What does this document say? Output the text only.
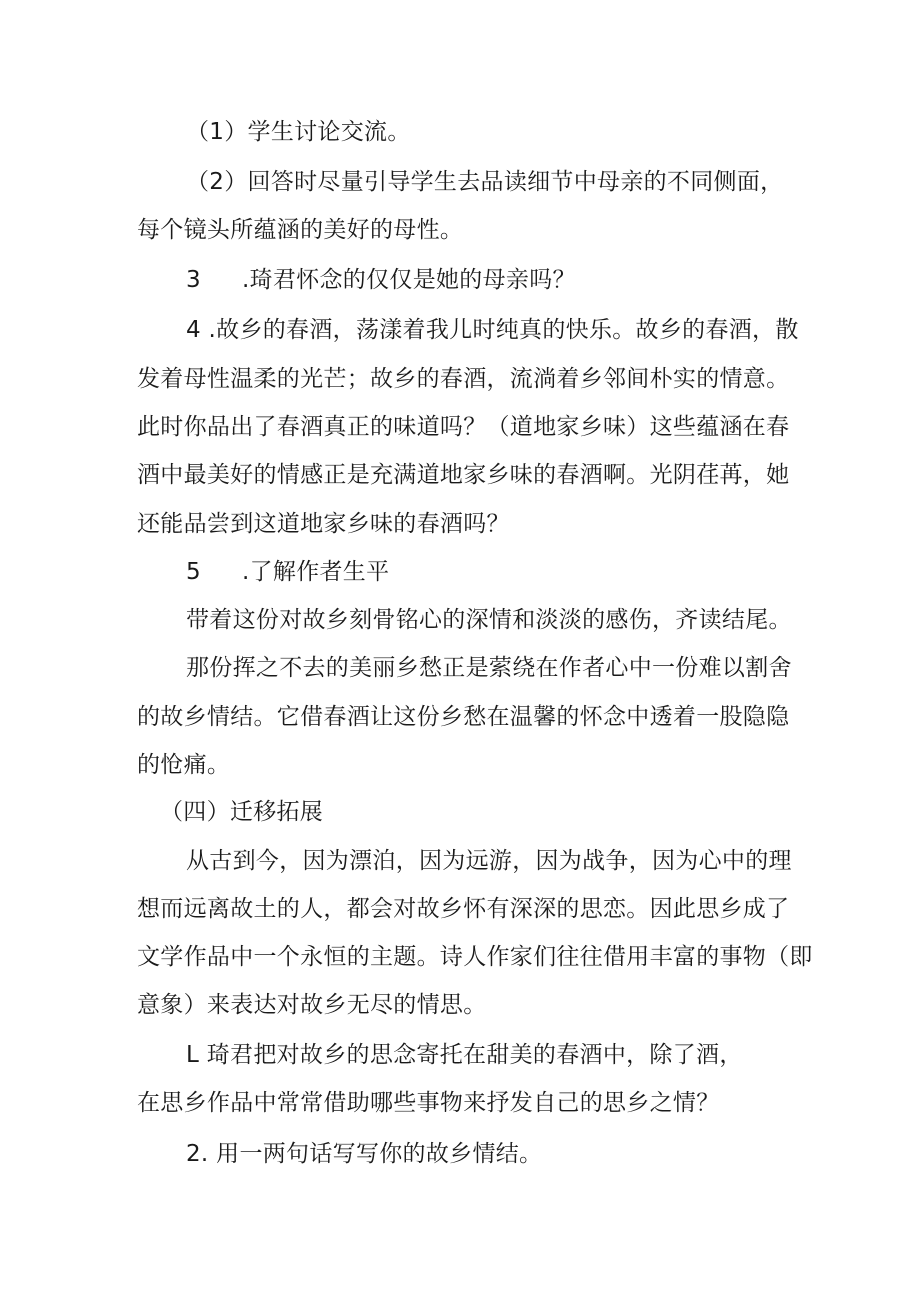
（1）学生讨论交流。
（2）回答时尽量引导学生去品读细节中母亲的不同侧面，
每个镜头所蕴涵的美好的母性。
3 .琦君怀念的仅仅是她的母亲吗？
4 .故乡的春酒，荡漾着我儿时纯真的快乐。故乡的春酒，散
发着母性温柔的光芒；故乡的春酒，流淌着乡邻间朴实的情意。
此时你品出了春酒真正的味道吗？（道地家乡味）这些蕴涵在春
酒中最美好的情感正是充满道地家乡味的春酒啊。光阴荏苒，她
还能品尝到这道地家乡味的春酒吗？
5 .了解作者生平
带着这份对故乡刻骨铭心的深情和淡淡的感伤，齐读结尾。
那份挥之不去的美丽乡愁正是萦绕在作者心中一份难以割舍
的故乡情结。它借春酒让这份乡愁在温馨的怀念中透着一股隐隐
的怆痛。
（四）迁移拓展
从古到今，因为漂泊，因为远游，因为战争，因为心中的理
想而远离故土的人，都会对故乡怀有深深的思恋。因此思乡成了
文学作品中一个永恒的主题。诗人作家们往往借用丰富的事物（即
意象）来表达对故乡无尽的情思。
L 琦君把对故乡的思念寄托在甜美的春酒中，除了酒，
在思乡作品中常常借助哪些事物来抒发自己的思乡之情？
2. 用一两句话写写你的故乡情结。
